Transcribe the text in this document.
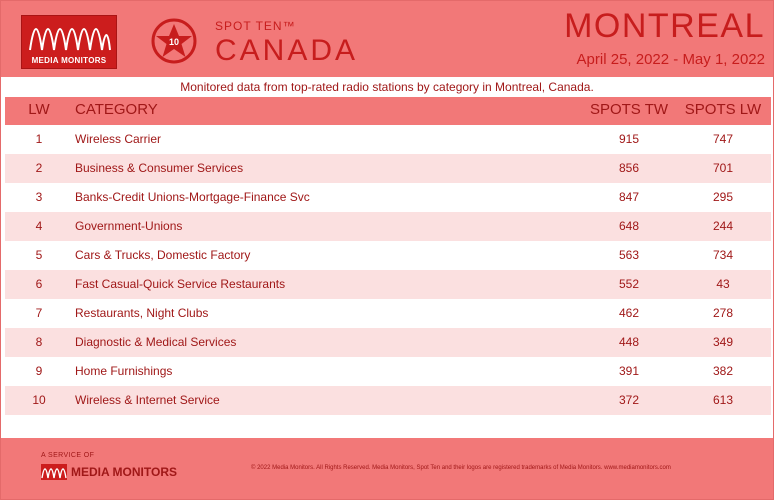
MEDIA MONITORS
10
SPOT TEN™
CANADA
MONTREAL
April 25, 2022 - May 1, 2022
Monitored data from top-rated radio stations by category in Montreal, Canada.
LW	CATEGORY	SPOTS TW	SPOTS LW
1	Wireless Carrier	915	747
2	Business & Consumer Services	856	701
3	Banks-Credit Unions-Mortgage-Finance Svc	847	295
4	Government-Unions	648	244
5	Cars & Trucks, Domestic Factory	563	734
6	Fast Casual-Quick Service Restaurants	552	43
7	Restaurants, Night Clubs	462	278
8	Diagnostic & Medical Services	448	349
9	Home Furnishings	391	382
10	Wireless & Internet Service	372	613
A SERVICE OF
MEDIA MONITORS	© 2022 Media Monitors. All Rights Reserved. Media Monitors, Spot Ten and their logos are registered trademarks of Media Monitors. www.mediamonitors.com
